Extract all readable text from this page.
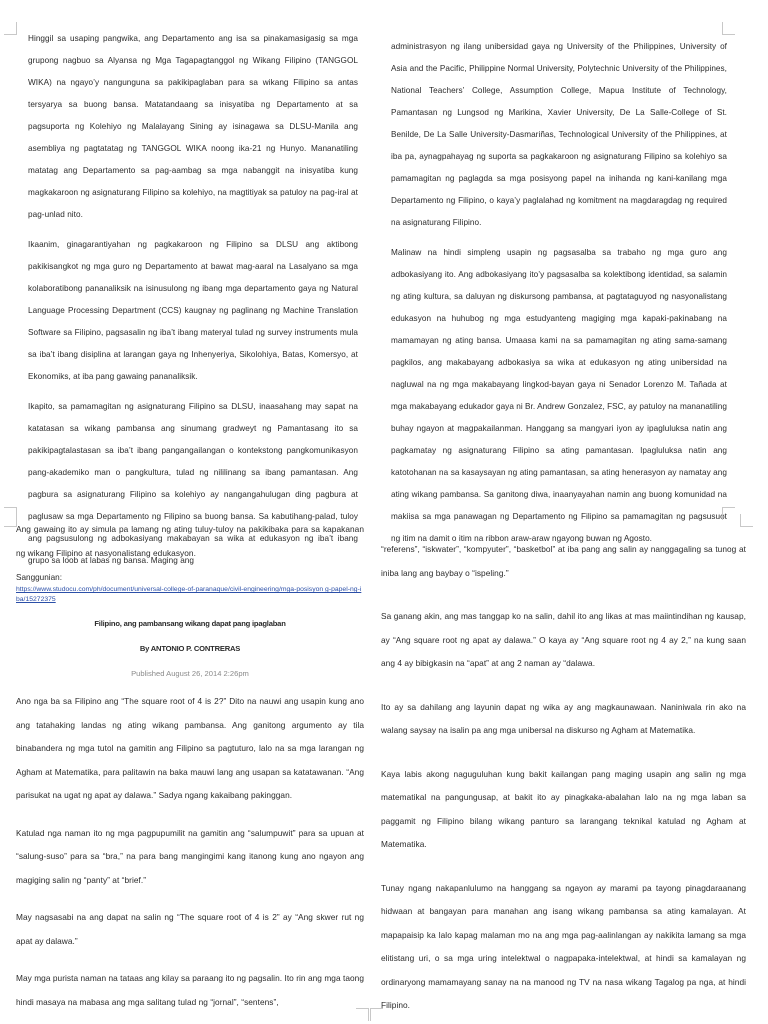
Hinggil sa usaping pangwika, ang Departamento ang isa sa pinakamasigasig sa mga grupong nagbuo sa Alyansa ng Mga Tagapagtanggol ng Wikang Filipino (TANGGOL WIKA) na ngayo’y nangunguna sa pakikipaglaban para sa wikang Filipino sa antas tersyarya sa buong bansa. Matatandaang sa inisyatiba ng Departamento at sa pagsuporta ng Kolehiyo ng Malalayang Sining ay isinagawa sa DLSU-Manila ang asembliya ng pagtatatag ng TANGGOL WIKA noong ika-21 ng Hunyo. Mananatiling matatag ang Departamento sa pag-aambag sa mga nabanggit na inisyatiba kung magkakaroon ng asignaturang Filipino sa kolehiyo, na magtitiyak sa patuloy na pag-iral at pag-unlad nito.

Ikaanim, ginagarantiyahan ng pagkakaroon ng Filipino sa DLSU ang aktibong pakikisangkot ng mga guro ng Departamento at bawat mag-aaral na Lasalyano sa mga kolaboratibong pananaliksik na isinusulong ng ibang mga departamento gaya ng Natural Language Processing Department (CCS) kaugnay ng paglinang ng Machine Translation Software sa Filipino, pagsasalin ng iba’t ibang materyal tulad ng survey instruments mula sa iba’t ibang disiplina at larangan gaya ng Inhenyeriya, Sikolohiya, Batas, Komersyo, at Ekonomiks, at iba pang gawaing pananaliksik.

Ikapito, sa pamamagitan ng asignaturang Filipino sa DLSU, inaasahang may sapat na katatasan sa wikang pambansa ang sinumang gradweyt ng Pamantasang ito sa pakikipagtalastasan sa iba’t ibang pangangailangan o kontekstong pangkomunikasyon pang-akademiko man o pangkultura, tulad ng nililinang sa ibang pamantasan. Ang pagbura sa asignaturang Filipino sa kolehiyo ay nangangahulugan ding pagbura at paglusaw sa mga Departamento ng Filipino sa buong bansa. Sa kabutihang-palad, tuloy ang pagsusulong ng adbokasiyang makabayan sa wika at edukasyon ng iba’t ibang grupo sa loob at labas ng bansa. Maging ang

administrasyon ng ilang unibersidad gaya ng University of the Philippines, University of Asia and the Pacific, Philippine Normal University, Polytechnic University of the Philippines, National Teachers’ College, Assumption College, Mapua Institute of Technology, Pamantasan ng Lungsod ng Marikina, Xavier University, De La Salle-College of St. Benilde, De La Salle University-Dasmariñas, Technological University of the Philippines, at iba pa, aynagpahayag ng suporta sa pagkakaroon ng asignaturang Filipino sa kolehiyo sa pamamagitan ng paglagda sa mga posisyong papel na inihanda ng kani-kanilang mga Departamento ng Filipino, o kaya’y paglalahad ng komitment na magdaragdag ng required na asignaturang Filipino.

Malinaw na hindi simpleng usapin ng pagsasalba sa trabaho ng mga guro ang adbokasiyang ito. Ang adbokasiyang ito’y pagsasalba sa kolektibong identidad, sa salamin ng ating kultura, sa daluyan ng diskursong pambansa, at pagtataguyod ng nasyonalistang edukasyon na huhubog ng mga estudyanteng magiging mga kapaki-pakinabang na mamamayan ng ating bansa. Umaasa kami na sa pamamagitan ng ating sama-samang pagkilos, ang makabayang adbokasiya sa wika at edukasyon ng ating unibersidad na nagluwal na ng mga makabayang lingkod-bayan gaya ni Senador Lorenzo M. Tañada at mga makabayang edukador gaya ni Br. Andrew Gonzalez, FSC, ay patuloy na mananatiling buhay ngayon at magpakailanman. Hanggang sa mangyari iyon ay ipagluluksa natin ang pagkamatay ng asignaturang Filipino sa ating pamantasan. Ipagluluksa natin ang katotohanan na sa kasaysayan ng ating pamantasan, sa ating henerasyon ay namatay ang ating wikang pambansa. Sa ganitong diwa, inaanyayahan namin ang buong komunidad na makiisa sa mga panawagan ng Departamento ng Filipino sa pamamagitan ng pagsusuot ng itim na damit o itim na ribbon araw-araw ngayong buwan ng Agosto.

Ang gawaing ito ay simula pa lamang ng ating tuluy-tuloy na pakikibaka para sa kapakanan ng wikang Filipino at nasyonalistang edukasyon.

Sanggunian:

https://www.studocu.com/ph/document/universal-college-of-paranaque/civil-engineering/mga-posisyon g-papel-ng-iba/15272375

Filipino, ang pambansang wikang dapat pang ipaglaban

By ANTONIO P. CONTRERAS

Published August 26, 2014 2:26pm

Ano nga ba sa Filipino ang “The square root of 4 is 2?” Dito na nauwi ang usapin kung ano ang tatahaking landas ng ating wikang pambansa. Ang ganitong argumento ay tila binabandera ng mga tutol na gamitin ang Filipino sa pagtuturo, lalo na sa mga larangan ng Agham at Matematika, para palitawin na baka mauwi lang ang usapan sa katatawanan. “Ang parisukat na ugat ng apat ay dalawa.” Sadya ngang kakaibang pakinggan.

Katulad nga naman ito ng mga pagpupumilit na gamitin ang “salumpuwit” para sa upuan at “salung-suso” para sa “bra,” na para bang mangingimi kang itanong kung ano ngayon ang magiging salin ng “panty” at “brief.”

May nagsasabi na ang dapat na salin ng “The square root of 4 is 2” ay “Ang skwer rut ng apat ay dalawa.”

May mga purista naman na tataas ang kilay sa paraang ito ng pagsalin. Ito rin ang mga taong hindi masaya na mabasa ang mga salitang tulad ng “jornal”, “sentens”,

“referens”, “iskwater”, “kompyuter”, “basketbol” at iba pang ang salin ay nanggagaling sa tunog at iniba lang ang baybay o “ispeling.”

Sa ganang akin, ang mas tanggap ko na salin, dahil ito ang likas at mas maiintindihan ng kausap, ay “Ang square root ng apat ay dalawa.” O kaya ay “Ang square root ng 4 ay 2,” na kung saan ang 4 ay bibigkasin na “apat” at ang 2 naman ay “dalawa.

Ito ay sa dahilang ang layunin dapat ng wika ay ang magkaunawaan. Naniniwala rin ako na walang saysay na isalin pa ang mga unibersal na diskurso ng Agham at Matematika.

Kaya labis akong naguguluhan kung bakit kailangan pang maging usapin ang salin ng mga matematikal na pangungusap, at bakit ito ay pinagkaka-abalahan lalo na ng mga laban sa paggamit ng Filipino bilang wikang panturo sa larangang teknikal katulad ng Agham at Matematika.

Tunay ngang nakapanlulumo na hanggang sa ngayon ay marami pa tayong pinagdaraanang hidwaan at bangayan para manahan ang isang wikang pambansa sa ating kamalayan. At mapapaisip ka lalo kapag malaman mo na ang mga pag-aalinlangan ay nakikita lamang sa mga elitistang uri, o sa mga uring intelektwal o nagpapaka-intelektwal, at hindi sa kamalayan ng ordinaryong mamamayang sanay na na manood ng TV na nasa wikang Tagalog pa nga, at hindi Filipino.
